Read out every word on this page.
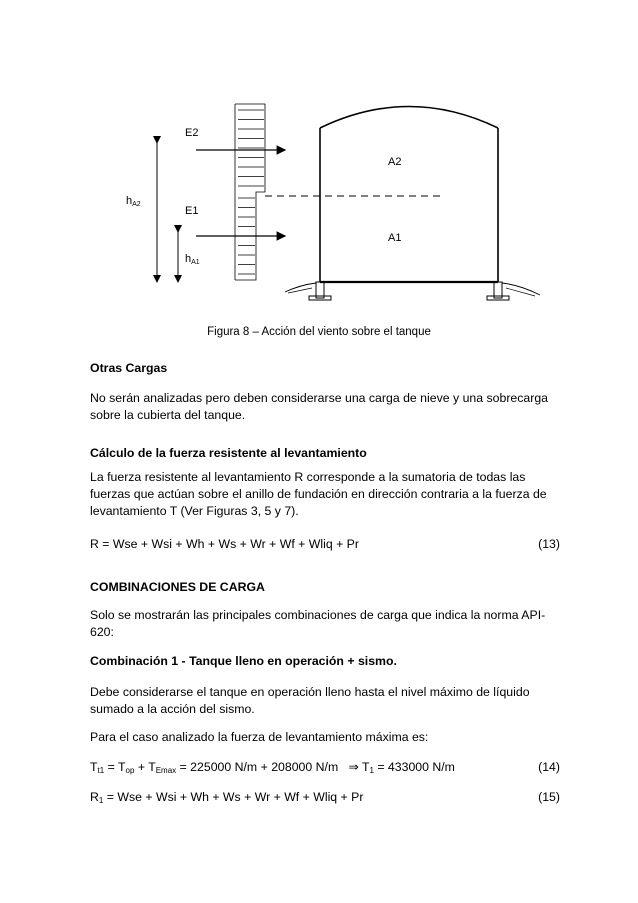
E2
E1
A2
A1
hA2
hA1
Figura 8 – Acción del viento sobre el tanque

Otras Cargas

No serán analizadas pero deben considerarse una carga de nieve y una sobrecarga sobre la cubierta del tanque.

Cálculo de la fuerza resistente al levantamiento

La fuerza resistente al levantamiento R corresponde a la sumatoria de todas las fuerzas que actúan sobre el anillo de fundación en dirección contraria a la fuerza de levantamiento T (Ver Figuras 3, 5 y 7).

R = Wse + Wsi + Wh + Ws + Wr + Wf + Wliq + Pr	(13)

COMBINACIONES DE CARGA

Solo se mostrarán las principales combinaciones de carga que indica la norma API-620:

Combinación 1 - Tanque lleno en operación + sismo.

Debe considerarse el tanque en operación lleno hasta el nivel máximo de líquido sumado a la acción del sismo.

Para el caso analizado la fuerza de levantamiento máxima es:

Tt1 = Top + TEmax = 225000 N/m + 208000 N/m ⇒ T1 = 433000 N/m	(14)
R1 = Wse + Wsi + Wh + Ws + Wr + Wf + Wliq + Pr	(15)
